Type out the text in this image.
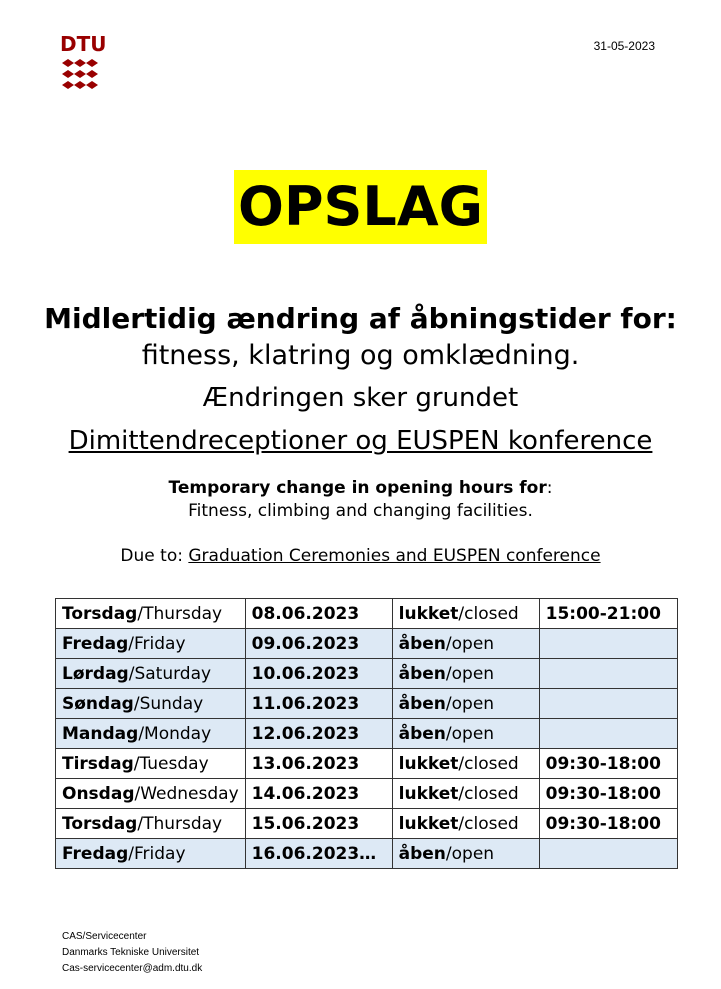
DTU	31-05-2023
OPSLAG
Midlertidig ændring af åbningstider for:
fitness, klatring og omklædning.
Ændringen sker grundet
Dimittendreceptioner og EUSPEN konference
Temporary change in opening hours for:
Fitness, climbing and changing facilities.
Due to: Graduation Ceremonies and EUSPEN conference
Torsdag/Thursday	08.06.2023	lukket/closed	15:00-21:00
Fredag/Friday	09.06.2023	åben/open	
Lørdag/Saturday	10.06.2023	åben/open	
Søndag/Sunday	11.06.2023	åben/open	
Mandag/Monday	12.06.2023	åben/open	
Tirsdag/Tuesday	13.06.2023	lukket/closed	09:30-18:00
Onsdag/Wednesday	14.06.2023	lukket/closed	09:30-18:00
Torsdag/Thursday	15.06.2023	lukket/closed	09:30-18:00
Fredag/Friday	16.06.2023…	åben/open	
CAS/Servicecenter
Danmarks Tekniske Universitet
Cas-servicecenter@adm.dtu.dk
